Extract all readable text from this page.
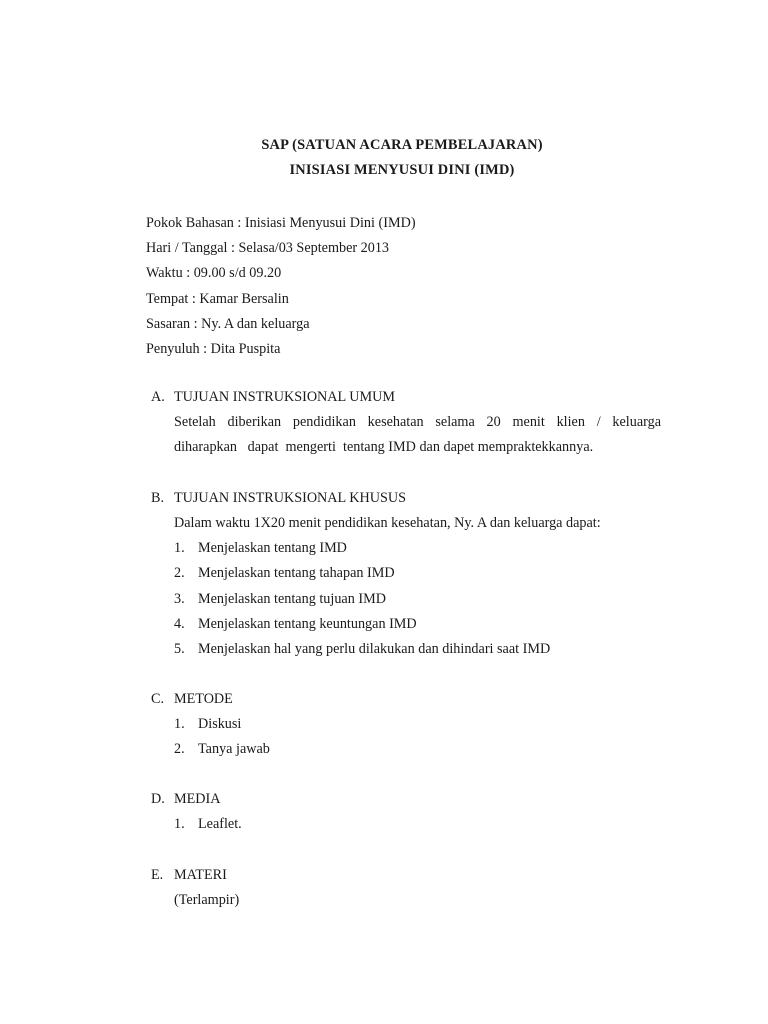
SAP (SATUAN ACARA PEMBELAJARAN)
INISIASI MENYUSUI DINI (IMD)
Pokok Bahasan : Inisiasi Menyusui Dini (IMD)
Hari / Tanggal : Selasa/03 September 2013
Waktu : 09.00 s/d 09.20
Tempat : Kamar Bersalin
Sasaran : Ny. A dan keluarga
Penyuluh : Dita Puspita
A. TUJUAN INSTRUKSIONAL UMUM
Setelah diberikan pendidikan kesehatan selama 20 menit klien / keluarga
diharapkan   dapat  mengerti  tentang IMD dan dapet mempraktekkannya.
B. TUJUAN INSTRUKSIONAL KHUSUS
Dalam waktu 1X20 menit pendidikan kesehatan, Ny. A dan keluarga dapat:
1. Menjelaskan tentang IMD
2. Menjelaskan tentang tahapan IMD
3. Menjelaskan tentang tujuan IMD
4. Menjelaskan tentang keuntungan IMD
5. Menjelaskan hal yang perlu dilakukan dan dihindari saat IMD
C. METODE
1. Diskusi
2. Tanya jawab
D. MEDIA
1. Leaflet.
E. MATERI
(Terlampir)
